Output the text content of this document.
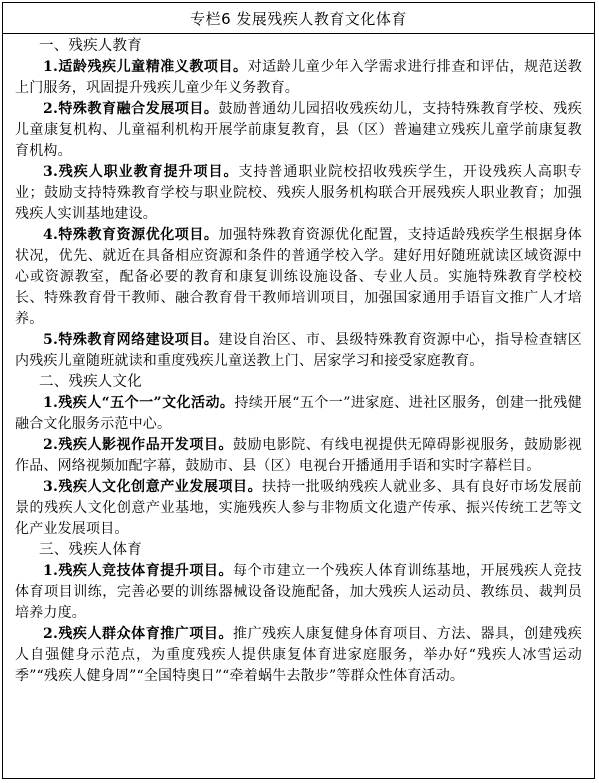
专栏6 发展残疾人教育文化体育
一、残疾人教育

1.适龄残疾儿童精准义教项目。对适龄儿童少年入学需求进行排查和评估，规范送教上门服务，巩固提升残疾儿童少年义务教育。

2.特殊教育融合发展项目。鼓励普通幼儿园招收残疾幼儿，支持特殊教育学校、残疾儿童康复机构、儿童福利机构开展学前康复教育，县（区）普遍建立残疾儿童学前康复教育机构。

3.残疾人职业教育提升项目。支持普通职业院校招收残疾学生，开设残疾人高职专业；鼓励支持特殊教育学校与职业院校、残疾人服务机构联合开展残疾人职业教育；加强残疾人实训基地建设。

4.特殊教育资源优化项目。加强特殊教育资源优化配置，支持适龄残疾学生根据身体状况，优先、就近在具备相应资源和条件的普通学校入学。建好用好随班就读区域资源中心或资源教室，配备必要的教育和康复训练设施设备、专业人员。实施特殊教育学校校长、特殊教育骨干教师、融合教育骨干教师培训项目，加强国家通用手语盲文推广人才培养。

5.特殊教育网络建设项目。建设自治区、市、县级特殊教育资源中心，指导检查辖区内残疾儿童随班就读和重度残疾儿童送教上门、居家学习和接受家庭教育。

二、残疾人文化

1.残疾人“五个一”文化活动。持续开展“五个一”进家庭、进社区服务，创建一批残健融合文化服务示范中心。

2.残疾人影视作品开发项目。鼓励电影院、有线电视提供无障碍影视服务，鼓励影视作品、网络视频加配字幕，鼓励市、县（区）电视台开播通用手语和实时字幕栏目。

3.残疾人文化创意产业发展项目。扶持一批吸纳残疾人就业多、具有良好市场发展前景的残疾人文化创意产业基地，实施残疾人参与非物质文化遗产传承、振兴传统工艺等文化产业发展项目。

三、残疾人体育

1.残疾人竞技体育提升项目。每个市建立一个残疾人体育训练基地，开展残疾人竞技体育项目训练，完善必要的训练器械设备设施配备，加大残疾人运动员、教练员、裁判员培养力度。

2.残疾人群众体育推广项目。推广残疾人康复健身体育项目、方法、器具，创建残疾人自强健身示范点，为重度残疾人提供康复体育进家庭服务，举办好“残疾人冰雪运动季”“残疾人健身周”“全国特奥日”“牵着蜗牛去散步”等群众性体育活动。
